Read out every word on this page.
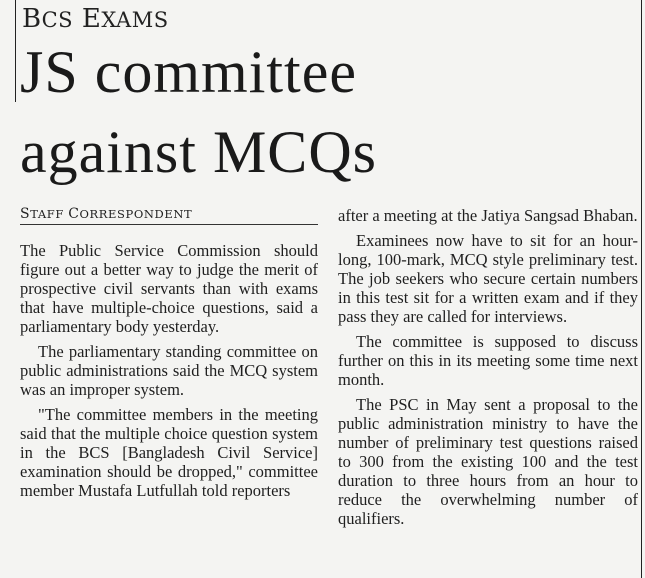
BCS EXAMS
JS committee
against MCQs
STAFF CORRESPONDENT

The Public Service Commission should figure out a better way to judge the merit of prospective civil servants than with exams that have multiple-choice questions, said a parliamentary body yesterday.

The parliamentary standing committee on public administrations said the MCQ system was an improper system.

"The committee members in the meeting said that the multiple choice question system in the BCS [Bangladesh Civil Service] examination should be dropped," committee member Mustafa Lutfullah told reporters

after a meeting at the Jatiya Sangsad Bhaban.

Examinees now have to sit for an hour-long, 100-mark, MCQ style preliminary test. The job seekers who secure certain numbers in this test sit for a written exam and if they pass they are called for interviews.

The committee is supposed to discuss further on this in its meeting some time next month.

The PSC in May sent a proposal to the public administration ministry to have the number of preliminary test questions raised to 300 from the existing 100 and the test duration to three hours from an hour to reduce the overwhelming number of qualifiers.
